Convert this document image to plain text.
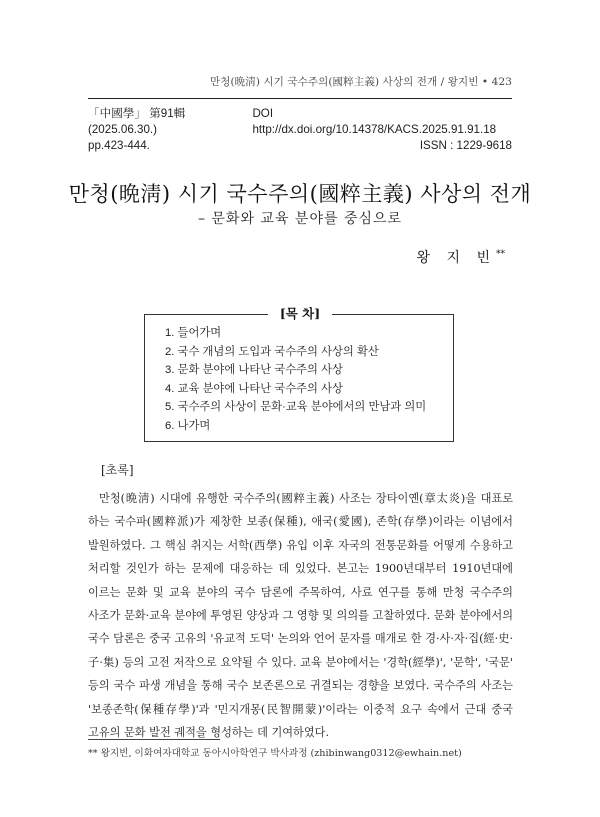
만청(晩淸) 시기 국수주의(國粹主義) 사상의 전개 / 왕지빈 • 423
「中國學」 第91輯 (2025.06.30.)
DOI http://dx.doi.org/10.14378/KACS.2025.91.91.18
pp.423-444.	ISSN : 1229-9618
만청(晩淸) 시기 국수주의(國粹主義) 사상의 전개
– 문화와 교육 분야를 중심으로
왕 지 빈**
[목 차]
1. 들어가며
2. 국수 개념의 도입과 국수주의 사상의 확산
3. 문화 분야에 나타난 국수주의 사상
4. 교육 분야에 나타난 국수주의 사상
5. 국수주의 사상이 문화·교육 분야에서의 만남과 의미
6. 나가며
[초록]

만청(晩淸) 시대에 유행한 국수주의(國粹主義) 사조는 장타이옌(章太炎)을 대표로 하는 국수파(國粹派)가 제창한 보종(保種), 애국(愛國), 존학(存學)이라는 이념에서 발원하였다. 그 핵심 취지는 서학(西學) 유입 이후 자국의 전통문화를 어떻게 수용하고 처리할 것인가 하는 문제에 대응하는 데 있었다. 본고는 1900년대부터 1910년대에 이르는 문화 및 교육 분야의 국수 담론에 주목하여, 사료 연구를 통해 만청 국수주의 사조가 문화·교육 분야에 투영된 양상과 그 영향 및 의의를 고찰하였다. 문화 분야에서의 국수 담론은 중국 고유의 '유교적 도덕' 논의와 언어 문자를 매개로 한 경·사·자·집(經·史·子·集) 등의 고전 저작으로 요약될 수 있다. 교육 분야에서는 '경학(經學)', '문학', '국문' 등의 국수 파생 개념을 통해 국수 보존론으로 귀결되는 경향을 보였다. 국수주의 사조는 '보종존학(保種存學)'과 '민지개몽(民智開蒙)'이라는 이중적 요구 속에서 근대 중국 고유의 문화 발전 궤적을 형성하는 데 기여하였다.

** 왕지빈, 이화여자대학교 동아시아학연구 박사과정 (zhibinwang0312@ewhain.net)
